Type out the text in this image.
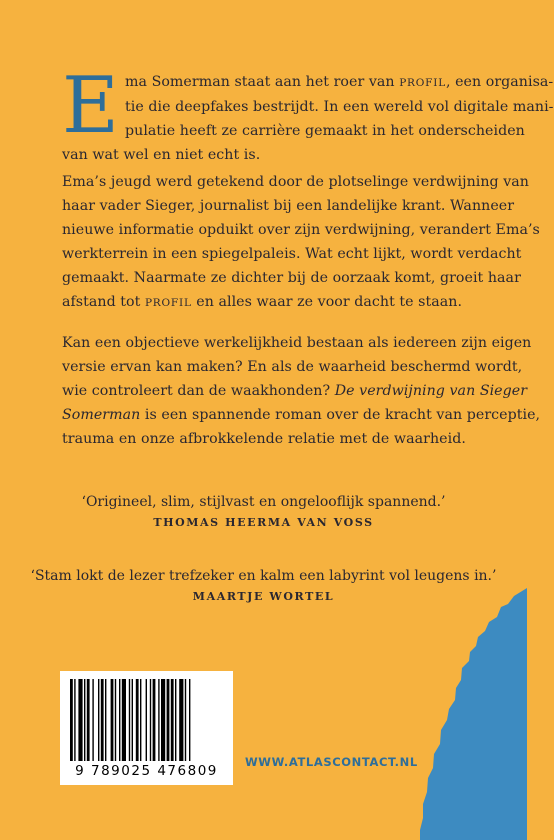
E ma Somerman staat aan het roer van PROFIL, een organisa-
tie die deepfakes bestrijdt. In een wereld vol digitale mani-
pulatie heeft ze carrière gemaakt in het onderscheiden
van wat wel en niet echt is.
Ema’s jeugd werd getekend door de plotselinge verdwijning van
haar vader Sieger, journalist bij een landelijke krant. Wanneer
nieuwe informatie opduikt over zijn verdwijning, verandert Ema’s
werkterrein in een spiegelpaleis. Wat echt lijkt, wordt verdacht
gemaakt. Naarmate ze dichter bij de oorzaak komt, groeit haar
afstand tot PROFIL en alles waar ze voor dacht te staan.
Kan een objectieve werkelijkheid bestaan als iedereen zijn eigen
versie ervan kan maken? En als de waarheid beschermd wordt,
wie controleert dan de waakhonden? De verdwijning van Sieger
Somerman is een spannende roman over de kracht van perceptie,
trauma en onze afbrokkelende relatie met de waarheid.
‘Origineel, slim, stijlvast en ongelooflijk spannend.’
THOMAS HEERMA VAN VOSS
‘Stam lokt de lezer trefzeker en kalm een labyrint vol leugens in.’
MAARTJE WORTEL
9 789025 476809
WWW.ATLASCONTACT.NL
